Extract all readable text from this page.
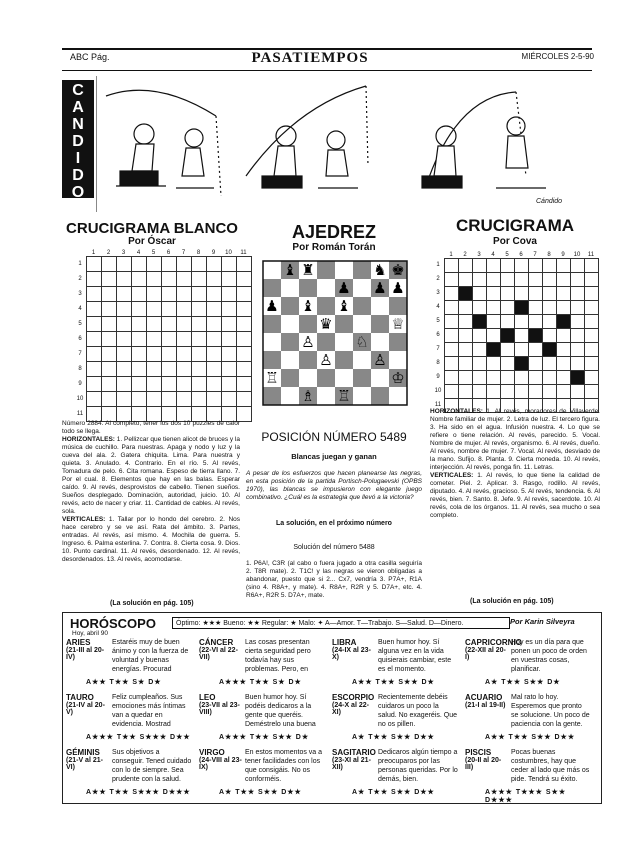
ABC Pág.	PASATIEMPOS	MIÉRCOLES 2-5-90
C
A
N
D
I
D
O
Cándido
CRUCIGRAMA BLANCO
Por Óscar
1	2	3	4	5	6	7	8	9	10	11
1
2
3
4
5
6
7
8
9
10
11
Número 2884. Al completo, tener los dos 10 puzzles de calor todo se llega.
HORIZONTALES: 1. Pellizcar que tienen alicot de bruces y la música de cuchillo. Para nuestras. Apaga y nodo y luz y la cueva del ala. 2. Gatera chiquita. Lima. Para nuestra y quieta. 3. Anulado. 4. Contrario. En el río. 5. Al revés, Tomadura de pelo. 6. Cita romana. Espeso de tierra llano. 7. Por el cual. 8. Elementos que hay en las balas. Esperar caído. 9. Al revés, desprovistos de cabello. Tienen sueños. Sueños desplegado. Dominación, autoridad, juicio. 10. Al revés, acto de nacer y criar. 11. Cantidad de cables. Al revés, sola.
VERTICALES: 1. Tallar por lo hondo del cerebro. 2. Nos hace cerebro y se ve así. Rata del ámbito. 3. Partes, entradas. Al revés, así mismo. 4. Mochila de guerra. 5. Ingreso. 6. Palma esterlina. 7. Contra. 8. Cierta cosa. 9. Dios. 10. Punto cardinal. 11. Al revés, desordenado. 12. Al revés, desordenados. 13. Al revés, acomodarse.
(La solución en pág. 105)
AJEDREZ
Por Román Torán
♝ ♜	♞ ♚
♟ ♟ ♟
♟ ♝ ♝
♛	♕
♙	♘
♙	♙
♖	♔
♗ ♖
POSICIÓN NÚMERO 5489
Blancas juegan y ganan
A pesar de los esfuerzos que hacen planearse las negras, en esta posición de la partida Portisch-Polugaevski (OPBS 1970), las blancas se impusieron con elegante juego combinativo. ¿Cuál es la estrategia que llevó a la victoria?
La solución, en el próximo número
Solución del número 5488
1. P6A!, C3R (al cabo o fuera jugado a otra casilla seguiría 2. T8R mate). 2. T1C! y las negras se vieron obligadas a abandonar, puesto que si 2... Cx7, vendría 3. P7A+, R1A (sino 4. R8A+, y mate). 4. R8A+, R2R y 5. D7A+, etc. 4. R6A+, R2R 5. D7A+, mate.
CRUCIGRAMA
Por Cova
1	2	3	4	5	6	7	8	9	10	11
1
2
3
4
5
6
7
8
9
10
11
HORIZONTALES: 1. Al revés, moradores de Villaverde. Nombre familiar de mujer. 2. Letra de luz. El tercero figura. 3. Ha sido en el agua. Infusión nuestra. 4. Lo que se refiere o tiene relación. Al revés, parecido. 5. Vocal. Nombre de mujer. Al revés, organismo. 6. Al revés, dueño. Al revés, nombre de mujer. 7. Vocal. Al revés, desviado de la mano. Sufijo. 8. Planta. 9. Cierta moneda. 10. Al revés, interjección. Al revés, ponga fin. 11. Letras.
VERTICALES: 1. Al revés, lo que tiene la calidad de cometer. Piel. 2. Aplicar. 3. Rasgo, rodillo. Al revés, diputado. 4. Al revés, gracioso. 5. Al revés, tendencia. 6. Al revés, bien. 7. Santo. 8. Jefe. 9. Al revés, sacerdote. 10. Al revés, cola de los órganos. 11. Al revés, sea mucho o sea completo.
(La solución en pág. 105)
HORÓSCOPO	Óptimo: ★★★ Bueno: ★★ Regular: ★ Malo: ✦ A—Amor. T—Trabajo. S—Salud. D—Dinero.	Por Karin Silveyra
Hoy, abril 90
ARIES
(21-III al 20-IV)
Estaréis muy de buen ánimo y con la fuerza de voluntad y buenas energías. Procurad
A★★ T★★ S★ D★
CÁNCER
(22-VI al 22-VII)
Las cosas presentan cierta seguridad pero todavía hay sus problemas. Pero, en
A★★★ T★★ S★ D★
LIBRA
(24-IX al 23-X)
Buen humor hoy. Sí alguna vez en la vida quisierais cambiar, este es el momento.
A★★ T★★ S★★ D★
CAPRICORNIO
(22-XII al 20-I)
Hoy es un día para que ponen un poco de orden en vuestras cosas, planificar.
A★ T★★ S★★ D★
TAURO
(21-IV al 20-V)
Feliz cumpleaños. Sus emociones más íntimas van a quedar en evidencia. Mostrad
A★★★ T★★ S★★★ D★★
LEO
(23-VII al 23-VIII)
Buen humor hoy. Sí podéis dedicaros a la gente que queréis. Deméstrelo una buena
A★★★ T★★ S★★ D★
ESCORPIO
(24-X al 22-XI)
Recientemente debéis cuidaros un poco la salud. No exageréis. Que no os pillen.
A★ T★★ S★★ D★★
ACUARIO
(21-I al 19-II)
Mal rato lo hoy. Esperemos que pronto se solucione. Un poco de paciencia con la gente.
A★★ T★★ S★★ D★★
GÉMINIS
(21-V al 21-VI)
Sus objetivos a conseguir. Tened cuidado con lo de siempre. Sea prudente con la salud.
A★★ T★★ S★★★ D★★★
VIRGO
(24-VIII al 23-IX)
En estos momentos va a tener facilidades con los que consigáis. No os conforméis.
A★ T★★ S★★ D★★
SAGITARIO
(23-XI al 21-XII)
Dedicaros algún tiempo a preocuparos por las personas queridas. Por lo demás, bien.
A★ T★★ S★★ D★★
PISCIS
(20-II al 20-III)
Pocas buenas costumbres, hay que ceder al lado que más os pide. Tendrá su éxito.
A★★★ T★★★ S★★ D★★★
